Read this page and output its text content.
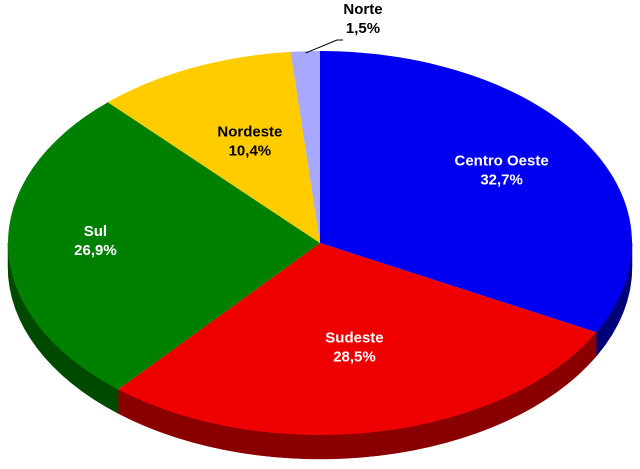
Centro Oeste
32,7%
Sudeste
28,5%
Sul
26,9%
Nordeste
10,4%
Norte
1,5%
